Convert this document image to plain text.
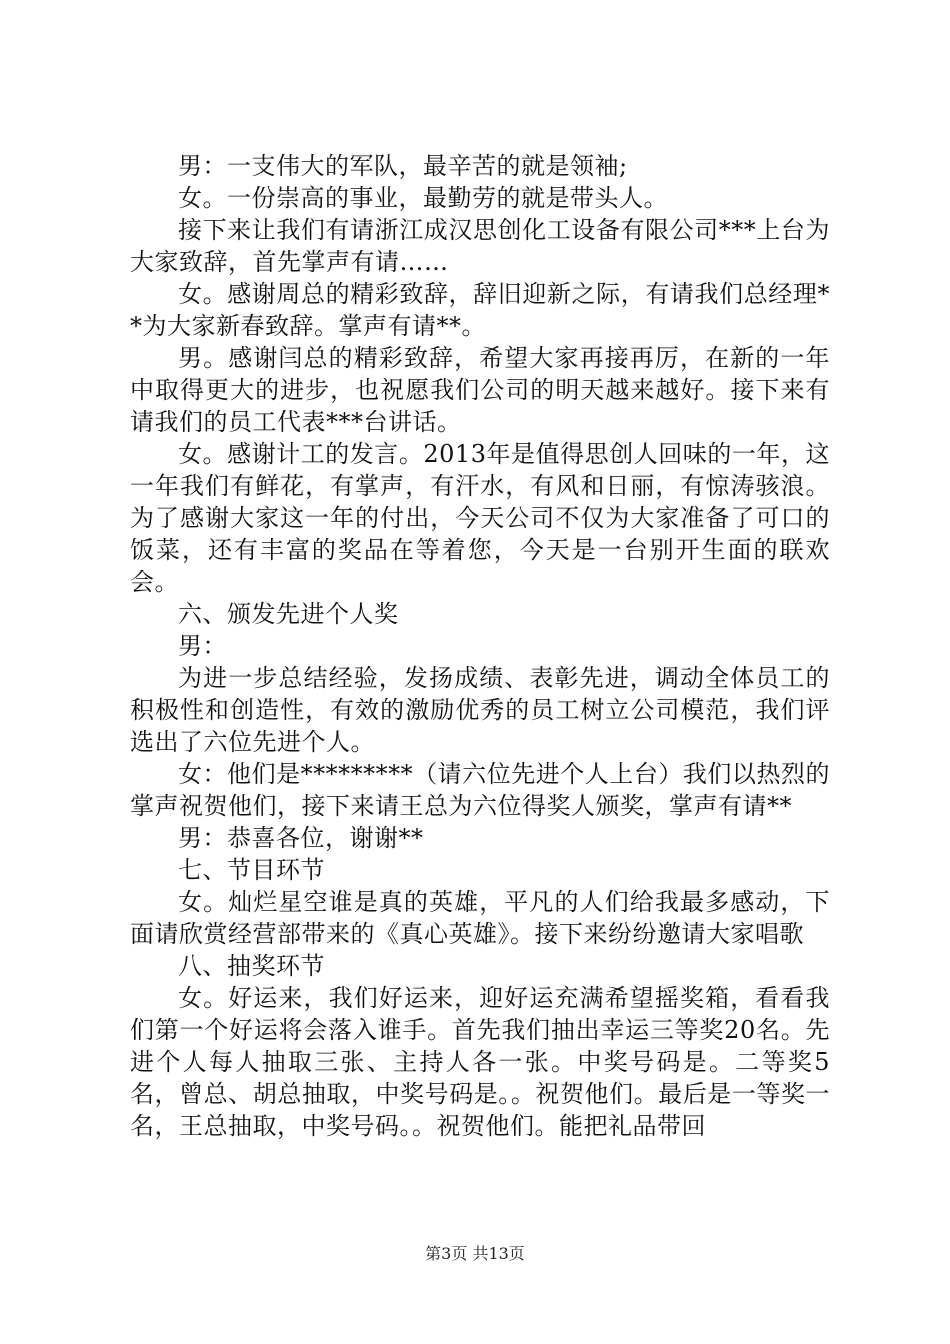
男：一支伟大的军队，最辛苦的就是领袖;

女。一份崇高的事业，最勤劳的就是带头人。

接下来让我们有请浙江成汉思创化工设备有限公司***上台为大家致辞，首先掌声有请……

女。感谢周总的精彩致辞，辞旧迎新之际，有请我们总经理**为大家新春致辞。掌声有请**。

男。感谢闫总的精彩致辞，希望大家再接再厉，在新的一年中取得更大的进步，也祝愿我们公司的明天越来越好。接下来有请我们的员工代表***台讲话。

女。感谢计工的发言。2013年是值得思创人回味的一年，这一年我们有鲜花，有掌声，有汗水，有风和日丽，有惊涛骇浪。为了感谢大家这一年的付出，今天公司不仅为大家准备了可口的饭菜，还有丰富的奖品在等着您，今天是一台别开生面的联欢会。

六、颁发先进个人奖

男：

为进一步总结经验，发扬成绩、表彰先进，调动全体员工的积极性和创造性，有效的激励优秀的员工树立公司模范，我们评选出了六位先进个人。

女：他们是*********（请六位先进个人上台）我们以热烈的掌声祝贺他们，接下来请王总为六位得奖人颁奖，掌声有请**

男：恭喜各位，谢谢**

七、节目环节

女。灿烂星空谁是真的英雄，平凡的人们给我最多感动，下面请欣赏经营部带来的《真心英雄》。接下来纷纷邀请大家唱歌

八、抽奖环节

女。好运来，我们好运来，迎好运充满希望摇奖箱，看看我们第一个好运将会落入谁手。首先我们抽出幸运三等奖20名。先进个人每人抽取三张、主持人各一张。中奖号码是。二等奖5名，曾总、胡总抽取，中奖号码是。。祝贺他们。最后是一等奖一名，王总抽取，中奖号码。。祝贺他们。能把礼品带回

第3页 共13页
